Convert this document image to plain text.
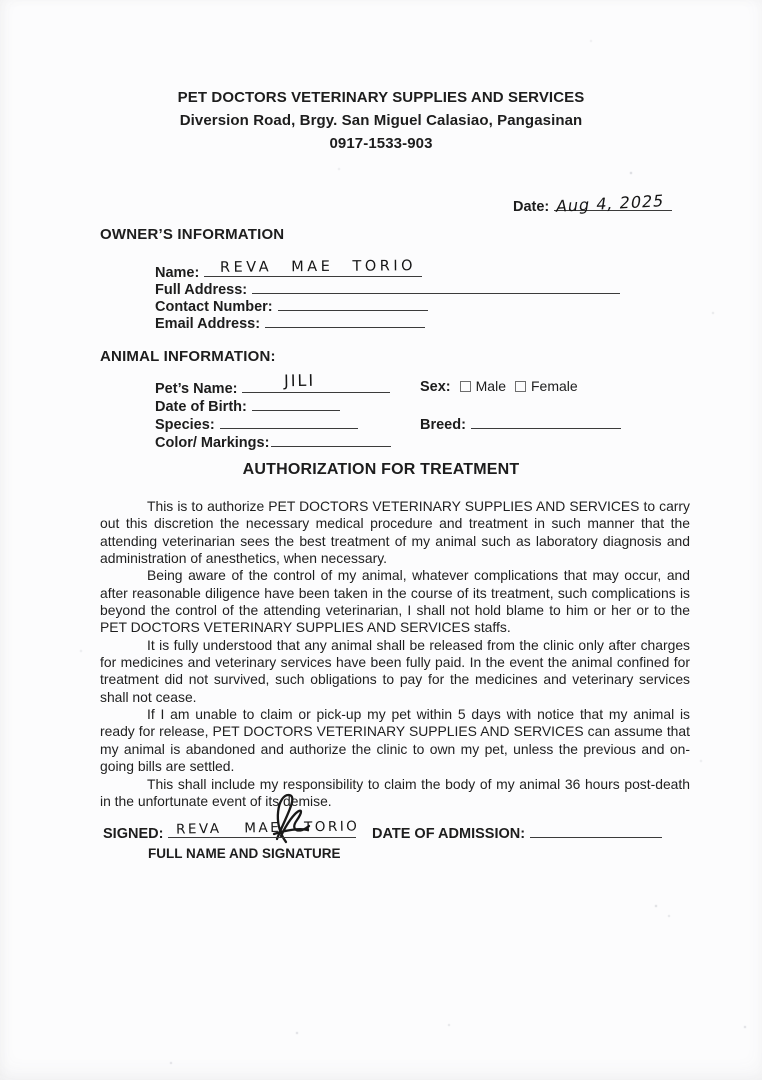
PET DOCTORS VETERINARY SUPPLIES AND SERVICES
Diversion Road, Brgy. San Miguel Calasiao, Pangasinan
0917-1533-903
Date: Aug 4, 2025
OWNER’S INFORMATION
Name: REVA MAE TORIO
Full Address:
Contact Number:
Email Address:
ANIMAL INFORMATION:
Pet’s Name:	JILI
Date of Birth:
Species:
Color/ Markings:
Sex: Male Female
Breed:
AUTHORIZATION FOR TREATMENT

This is to authorize PET DOCTORS VETERINARY SUPPLIES AND SERVICES to carry out this discretion the necessary medical procedure and treatment in such manner that the attending veterinarian sees the best treatment of my animal such as laboratory diagnosis and administration of anesthetics, when necessary.

Being aware of the control of my animal, whatever complications that may occur, and after reasonable diligence have been taken in the course of its treatment, such complications is beyond the control of the attending veterinarian, I shall not hold blame to him or her or to the PET DOCTORS VETERINARY SUPPLIES AND SERVICES staffs.

It is fully understood that any animal shall be released from the clinic only after charges for medicines and veterinary services have been fully paid. In the event the animal confined for treatment did not survived, such obligations to pay for the medicines and veterinary services shall not cease.

If I am unable to claim or pick-up my pet within 5 days with notice that my animal is ready for release, PET DOCTORS VETERINARY SUPPLIES AND SERVICES can assume that my animal is abandoned and authorize the clinic to own my pet, unless the previous and on-going bills are settled.

This shall include my responsibility to claim the body of my animal 36 hours post-death in the unfortunate event of its demise.

SIGNED: REVA MAE TORIO
FULL NAME AND SIGNATURE
DATE OF ADMISSION:
